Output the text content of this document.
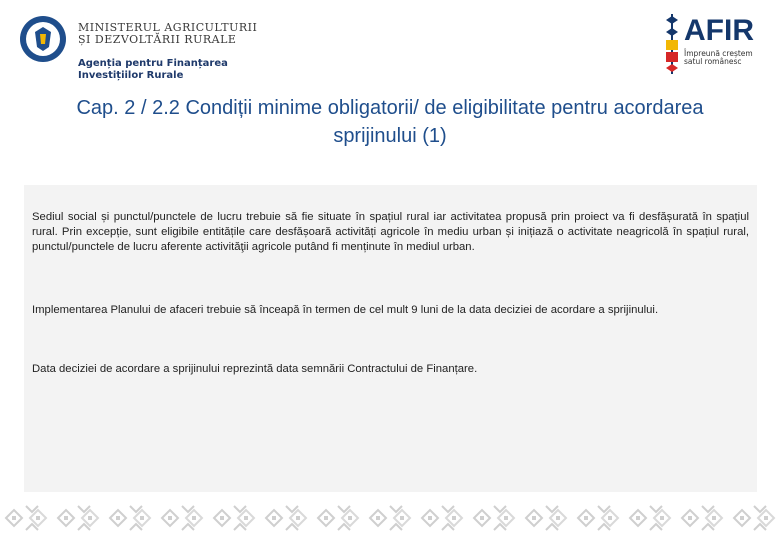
MINISTERUL AGRICULTURII
ȘI DEZVOLTĂRII RURALE
Agenția pentru Finanțarea
Investițiilor Rurale
AFIR
Împreună creștem
satul românesc
Cap. 2 / 2.2 Condiții minime obligatorii/ de eligibilitate pentru acordarea sprijinului (1)
Sediul social și punctul/punctele de lucru trebuie să fie situate în spațiul rural iar activitatea propusă prin proiect va fi desfășurată în spațiul rural. Prin excepție, sunt eligibile entitățile care desfășoară activități agricole în mediu urban și inițiază o activitate neagricolă în spațiul rural, punctul/punctele de lucru aferente activităţii agricole putând fi menținute în mediul urban.
Implementarea Planului de afaceri trebuie să înceapă în termen de cel mult 9 luni de la data deciziei de acordare a sprijinului.
Data deciziei de acordare a sprijinului reprezintă data semnării Contractului de Finanțare.
